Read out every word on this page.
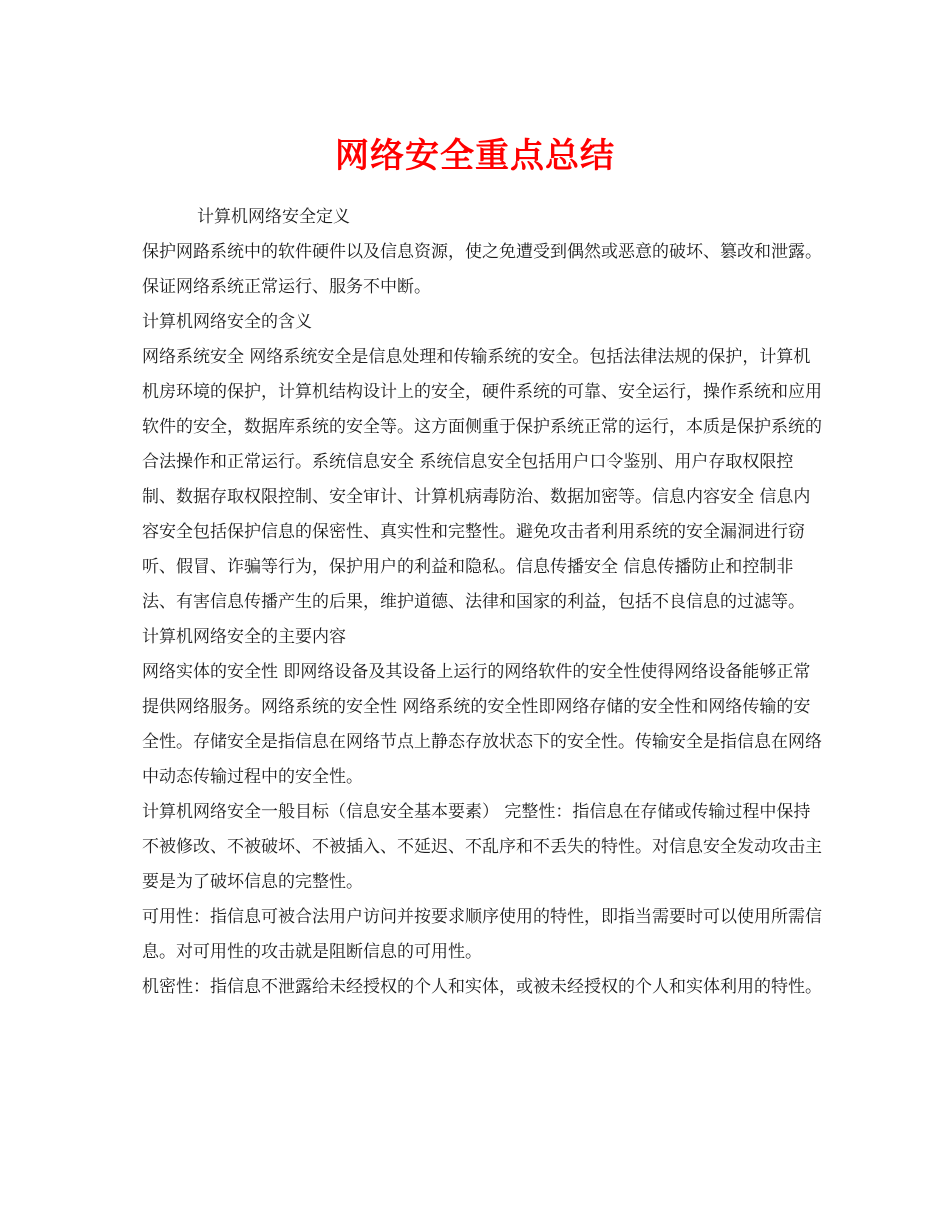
网络安全重点总结

计算机网络安全定义

保护网路系统中的软件硬件以及信息资源，使之免遭受到偶然或恶意的破坏、篡改和泄露。保证网络系统正常运行、服务不中断。

计算机网络安全的含义

网络系统安全 网络系统安全是信息处理和传输系统的安全。包括法律法规的保护，计算机机房环境的保护，计算机结构设计上的安全，硬件系统的可靠、安全运行，操作系统和应用软件的安全，数据库系统的安全等。这方面侧重于保护系统正常的运行，本质是保护系统的合法操作和正常运行。系统信息安全 系统信息安全包括用户口令鉴别、用户存取权限控制、数据存取权限控制、安全审计、计算机病毒防治、数据加密等。信息内容安全 信息内容安全包括保护信息的保密性、真实性和完整性。避免攻击者利用系统的安全漏洞进行窃听、假冒、诈骗等行为，保护用户的利益和隐私。信息传播安全 信息传播防止和控制非法、有害信息传播产生的后果，维护道德、法律和国家的利益，包括不良信息的过滤等。

计算机网络安全的主要内容

网络实体的安全性 即网络设备及其设备上运行的网络软件的安全性使得网络设备能够正常提供网络服务。网络系统的安全性 网络系统的安全性即网络存储的安全性和网络传输的安全性。存储安全是指信息在网络节点上静态存放状态下的安全性。传输安全是指信息在网络中动态传输过程中的安全性。

计算机网络安全一般目标（信息安全基本要素） 完整性：指信息在存储或传输过程中保持不被修改、不被破坏、不被插入、不延迟、不乱序和不丢失的特性。对信息安全发动攻击主要是为了破坏信息的完整性。

可用性：指信息可被合法用户访问并按要求顺序使用的特性，即指当需要时可以使用所需信息。对可用性的攻击就是阻断信息的可用性。

机密性：指信息不泄露给未经授权的个人和实体，或被未经授权的个人和实体利用的特性。
